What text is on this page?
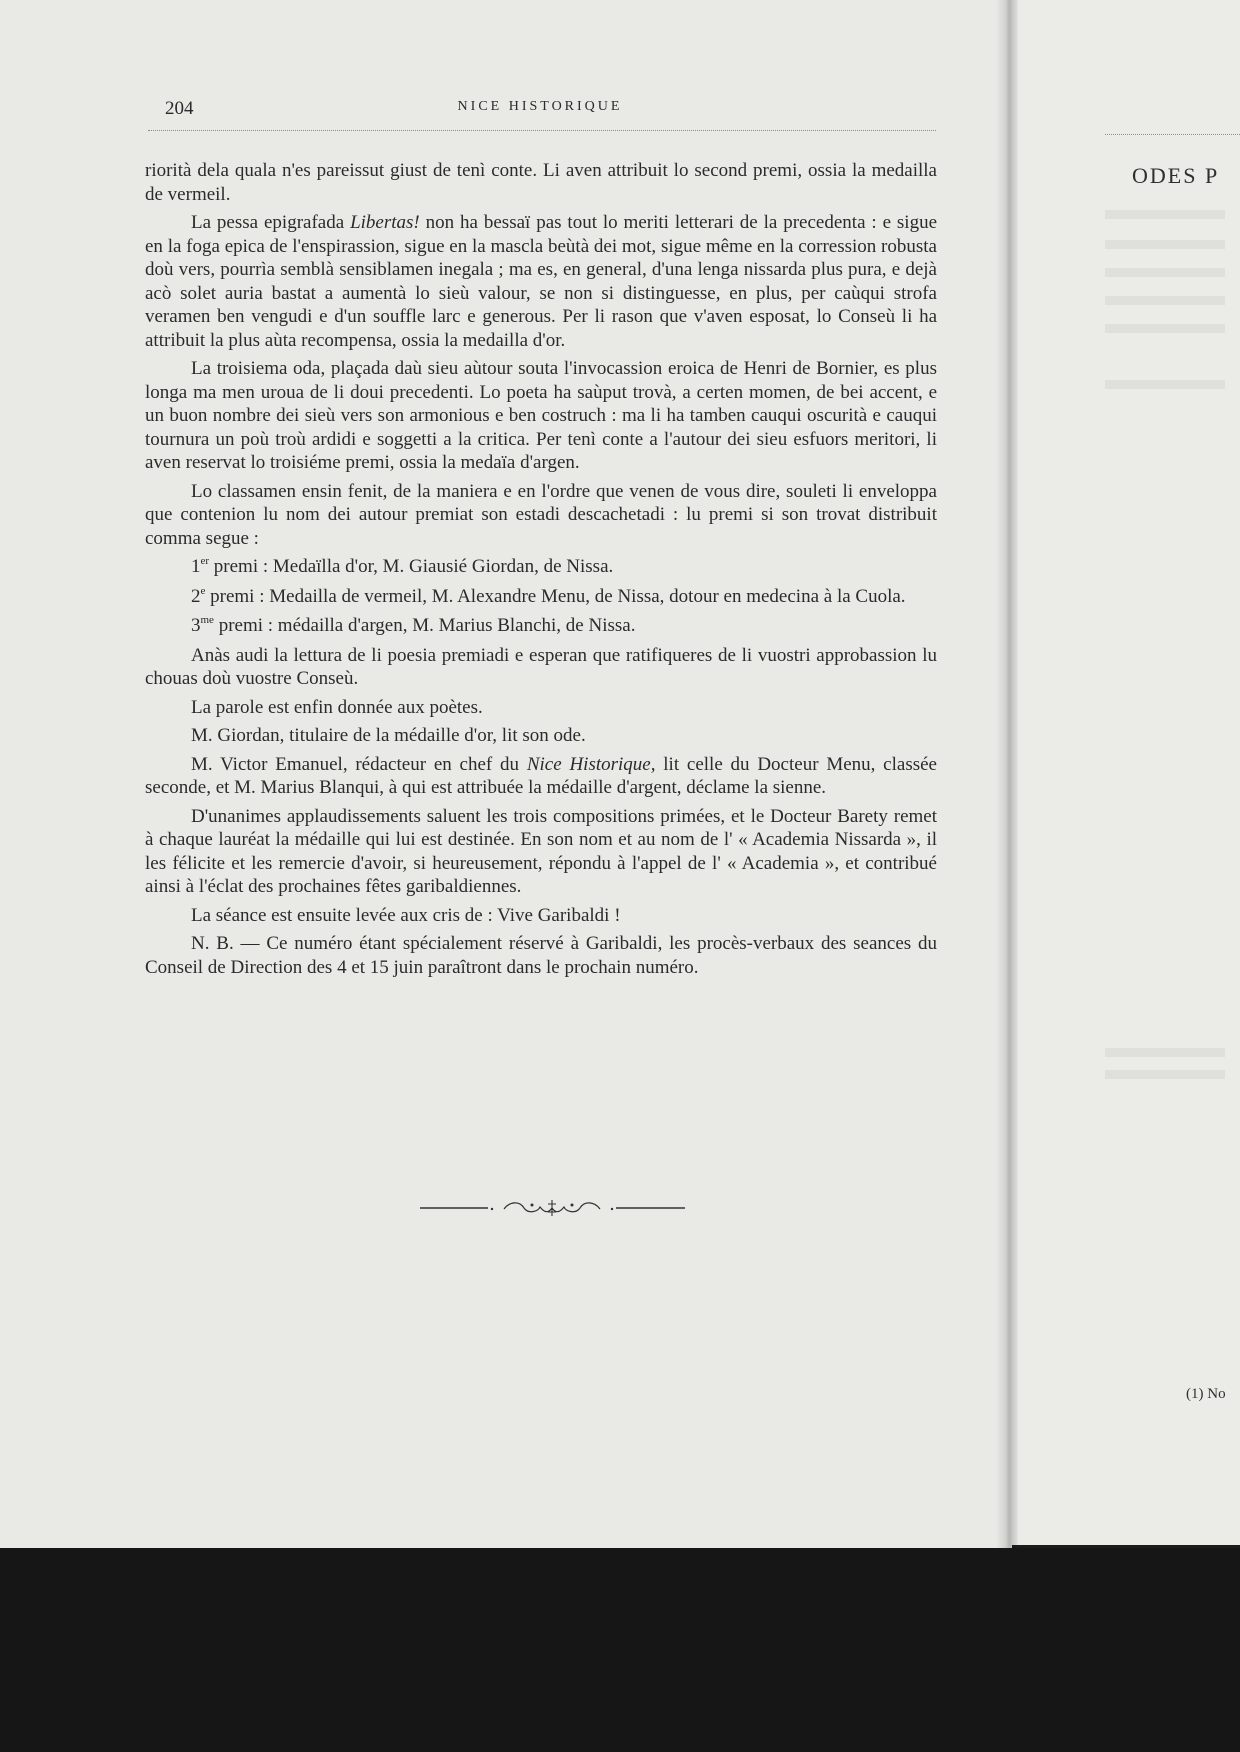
204	NICE HISTORIQUE

riorità dela quala n'es pareissut giust de tenì conte. Li aven attribuit lo second premi, ossia la medailla de vermeil.

La pessa epigrafada Libertas! non ha bessaï pas tout lo meriti letterari de la precedenta : e sigue en la foga epica de l'enspirassion, sigue en la mascla beùtà dei mot, sigue même en la corression robusta doù vers, pourrìa semblà sensiblamen inegala ; ma es, en general, d'una lenga nissarda plus pura, e dejà acò solet auria bastat a aumentà lo sieù valour, se non si distinguesse, en plus, per caùqui strofa veramen ben vengudi e d'un souffle larc e generous. Per li rason que v'aven esposat, lo Conseù li ha attribuit la plus aùta recompensa, ossia la medailla d'or.

La troisiema oda, plaçada daù sieu aùtour souta l'invocassion eroica de Henri de Bornier, es plus longa ma men uroua de li doui precedenti. Lo poeta ha saùput trovà, a certen momen, de bei accent, e un buon nombre dei sieù vers son armonious e ben costruch : ma li ha tamben cauqui oscurità e cauqui tournura un poù troù ardidi e soggetti a la critica. Per tenì conte a l'autour dei sieu esfuors meritori, li aven reservat lo troisiéme premi, ossia la medaïa d'argen.

Lo classamen ensin fenit, de la maniera e en l'ordre que venen de vous dire, souleti li enveloppa que contenion lu nom dei autour premiat son estadi descachetadi : lu premi si son trovat distribuit comma segue :

1er premi : Medaïlla d'or, M. Giausié Giordan, de Nissa.

2e premi : Medailla de vermeil, M. Alexandre Menu, de Nissa, dotour en medecina à la Cuola.

$3^{me}$ premi : médailla d'argen, M. Marius Blanchi, de Nissa.

Anàs audi la lettura de li poesia premiadi e esperan que ratifiqueres de li vuostri approbassion lu chouas doù vuostre Conseù.

La parole est enfin donnée aux poètes.

M. Giordan, titulaire de la médaille d'or, lit son ode.

M. Victor Emanuel, rédacteur en chef du Nice Historique, lit celle du Docteur Menu, classée seconde, et M. Marius Blanqui, à qui est attribuée la médaille d'argent, déclame la sienne.

D'unanimes applaudissements saluent les trois compositions primées, et le Docteur Barety remet à chaque lauréat la médaille qui lui est destinée. En son nom et au nom de l' « Academia Nissarda », il les félicite et les remercie d'avoir, si heureusement, répondu à l'appel de l' « Academia », et contribué ainsi à l'éclat des prochaines fêtes garibaldiennes.

La séance est ensuite levée aux cris de : Vive Garibaldi !

N. B. — Ce numéro étant spécialement réservé à Garibaldi, les procès-verbaux des seances du Conseil de Direction des 4 et 15 juin paraîtront dans le prochain numéro.

ODES P
(1) No
